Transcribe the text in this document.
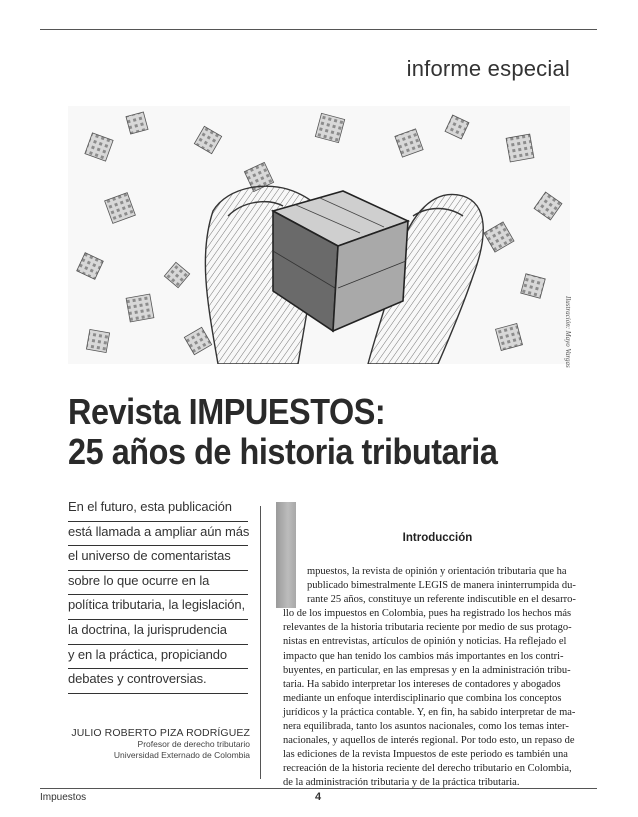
informe especial
Ilustración: Mayo Vargas
Revista IMPUESTOS:
25 años de historia tributaria
En el futuro, esta publicación
está llamada a ampliar aún más
el universo de comentaristas
sobre lo que ocurre en la
política tributaria, la legislación,
la doctrina, la jurisprudencia
y en la práctica, propiciando
debates y controversias.
JULIO ROBERTO PIZA RODRÍGUEZ
Profesor de derecho tributario
Universidad Externado de Colombia
Introducción
mpuestos, la revista de opinión y orientación tributaria que ha
publicado bimestralmente LEGIS de manera ininterrumpida du-
rante 25 años, constituye un referente indiscutible en el desarro-
llo de los impuestos en Colombia, pues ha registrado los hechos más
relevantes de la historia tributaria reciente por medio de sus protago-
nistas en entrevistas, artículos de opinión y noticias. Ha reflejado el
impacto que han tenido los cambios más importantes en los contri-
buyentes, en particular, en las empresas y en la administración tribu-
taria. Ha sabido interpretar los intereses de contadores y abogados
mediante un enfoque interdisciplinario que combina los conceptos
jurídicos y la práctica contable. Y, en fin, ha sabido interpretar de ma-
nera equilibrada, tanto los asuntos nacionales, como los temas inter-
nacionales, y aquellos de interés regional. Por todo esto, un repaso de
las ediciones de la revista Impuestos de este periodo es también una
recreación de la historia reciente del derecho tributario en Colombia,
de la administración tributaria y de la práctica tributaria.
Impuestos	4
